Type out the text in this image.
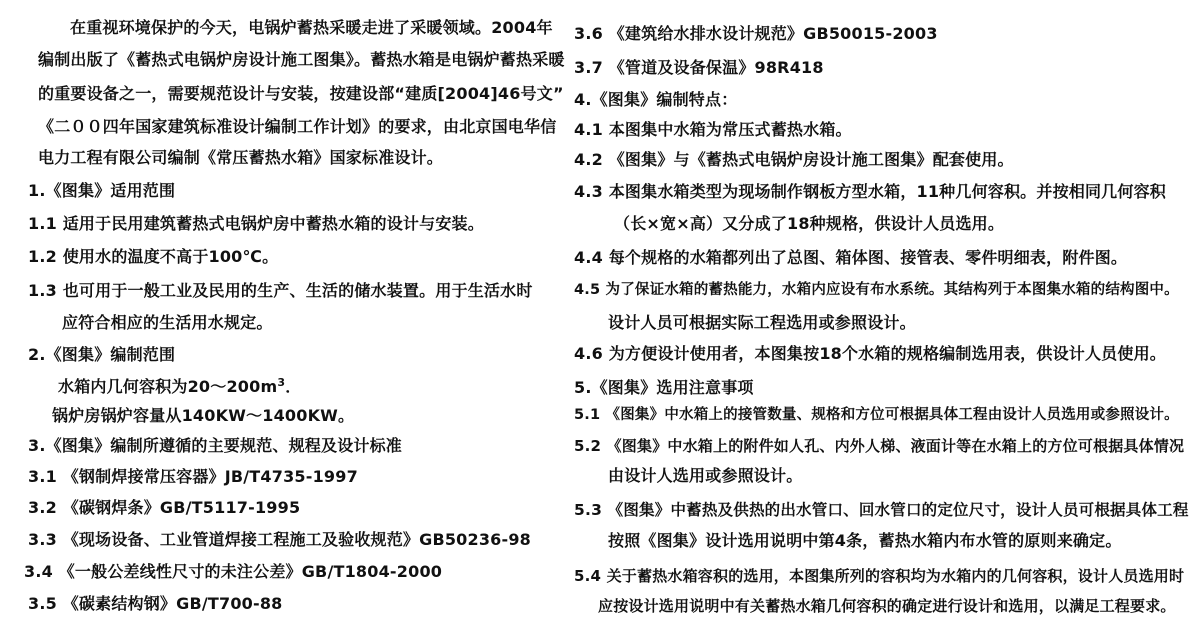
在重视环境保护的今天，电锅炉蓄热采暖走进了采暖领域。2004年
编制出版了《蓄热式电锅炉房设计施工图集》。蓄热水箱是电锅炉蓄热采暖
的重要设备之一，需要规范设计与安装，按建设部“建质[2004]46号文”
《二００四年国家建筑标准设计编制工作计划》的要求，由北京国电华信
电力工程有限公司编制《常压蓄热水箱》国家标准设计。
1.《图集》适用范围
1.1 适用于民用建筑蓄热式电锅炉房中蓄热水箱的设计与安装。
1.2 使用水的温度不高于100℃。
1.3 也可用于一般工业及民用的生产、生活的储水装置。用于生活水时
应符合相应的生活用水规定。
2.《图集》编制范围
水箱内几何容积为$20\sim 200m^3$．
锅炉房锅炉容量从140KW～1400KW。
3.《图集》编制所遵循的主要规范、规程及设计标准
3.1 《钢制焊接常压容器》JB/T4735-1997
3.2 《碳钢焊条》GB/T5117-1995
3.3 《现场设备、工业管道焊接工程施工及验收规范》GB50236-98
3.4 《一般公差线性尺寸的未注公差》GB/T1804-2000
3.5 《碳素结构钢》GB/T700-88
3.6 《建筑给水排水设计规范》GB50015-2003
3.7 《管道及设备保温》98R418
4.《图集》编制特点：
4.1 本图集中水箱为常压式蓄热水箱。
4.2 《图集》与《蓄热式电锅炉房设计施工图集》配套使用。
4.3 本图集水箱类型为现场制作钢板方型水箱，11种几何容积。并按相同几何容积
（长×宽×高）又分成了18种规格，供设计人员选用。
4.4 每个规格的水箱都列出了总图、箱体图、接管表、零件明细表，附件图。
4.5 为了保证水箱的蓄热能力，水箱内应设有布水系统。其结构列于本图集水箱的结构图中。
设计人员可根据实际工程选用或参照设计。
4.6 为方便设计使用者，本图集按18个水箱的规格编制选用表，供设计人员使用。
5.《图集》选用注意事项
5.1 《图集》中水箱上的接管数量、规格和方位可根据具体工程由设计人员选用或参照设计。
5.2 《图集》中水箱上的附件如人孔、内外人梯、液面计等在水箱上的方位可根据具体情况
由设计人选用或参照设计。
5.3 《图集》中蓄热及供热的出水管口、回水管口的定位尺寸，设计人员可根据具体工程
按照《图集》设计选用说明中第4条，蓄热水箱内布水管的原则来确定。
5.4 关于蓄热水箱容积的选用，本图集所列的容积均为水箱内的几何容积，设计人员选用时
应按设计选用说明中有关蓄热水箱几何容积的确定进行设计和选用，以满足工程要求。
